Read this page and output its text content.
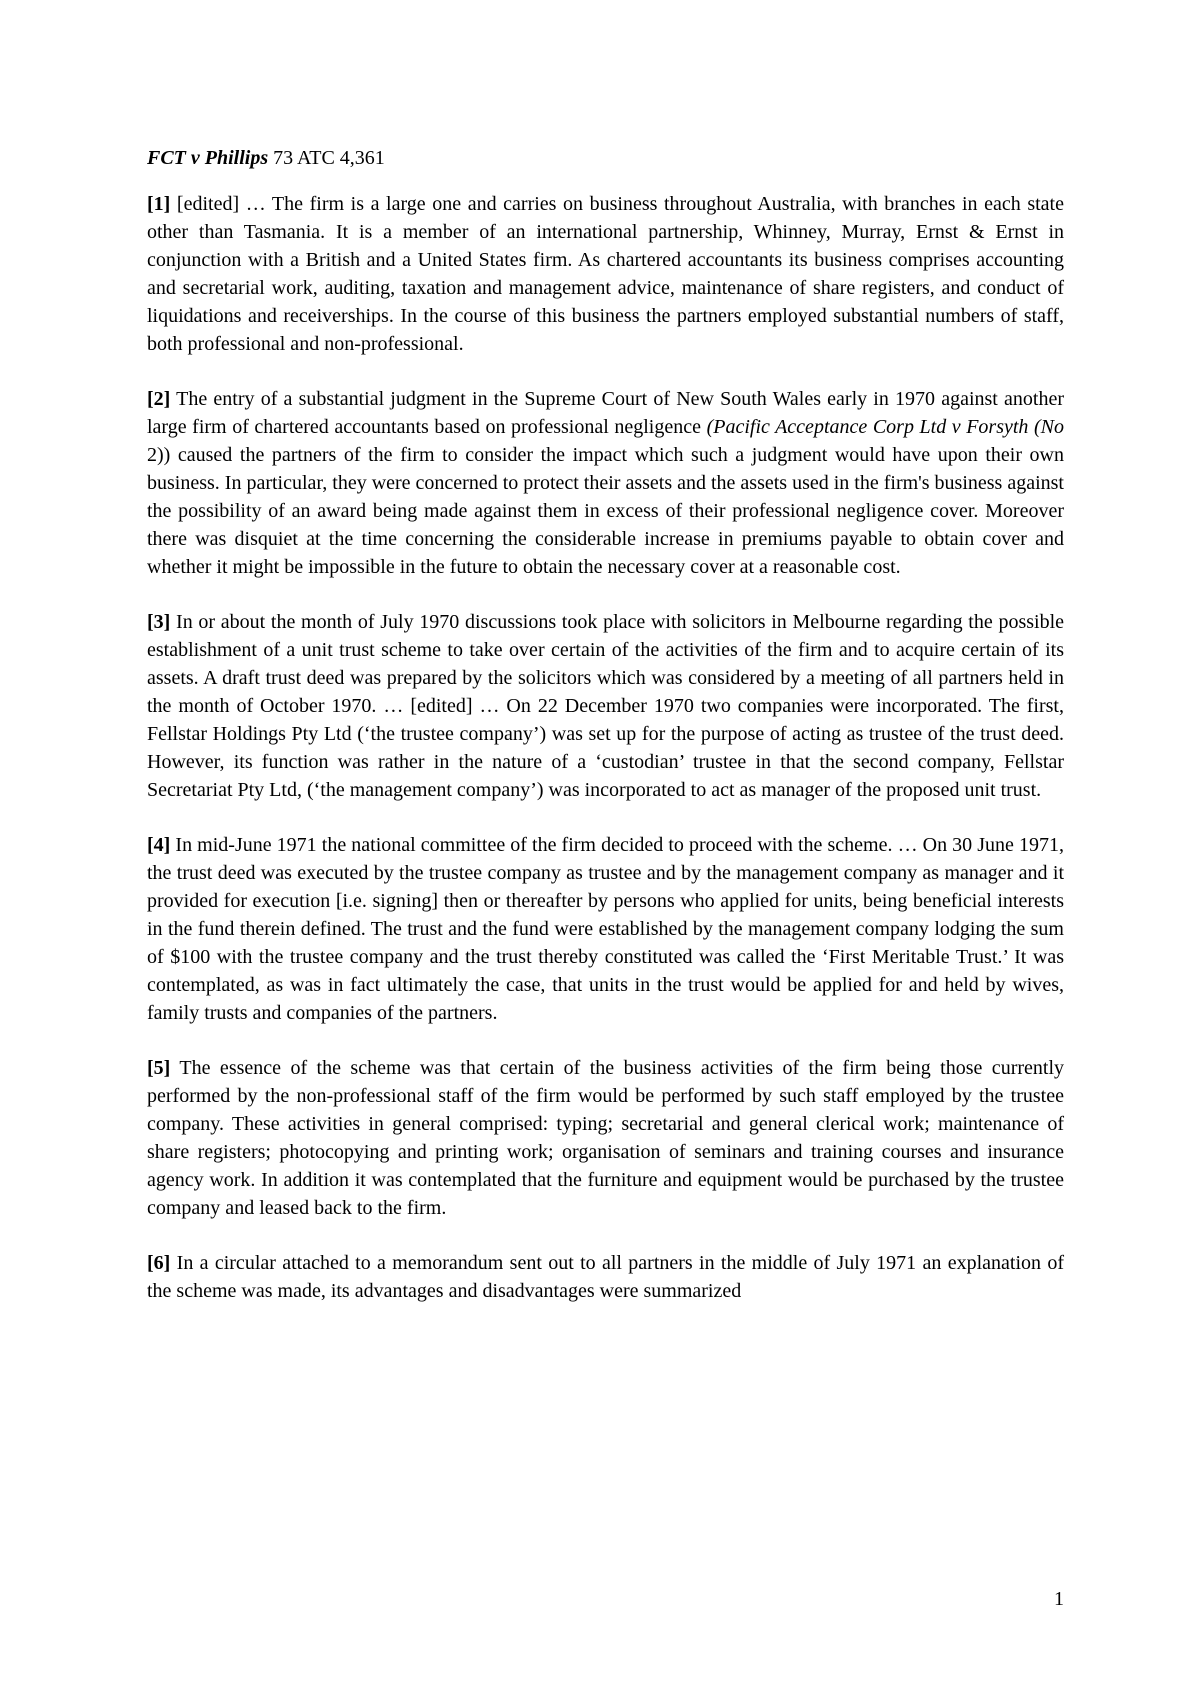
FCT v Phillips 73 ATC 4,361

[1] [edited] … The firm is a large one and carries on business throughout Australia, with branches in each state other than Tasmania. It is a member of an international partnership, Whinney, Murray, Ernst & Ernst in conjunction with a British and a United States firm. As chartered accountants its business comprises accounting and secretarial work, auditing, taxation and management advice, maintenance of share registers, and conduct of liquidations and receiverships. In the course of this business the partners employed substantial numbers of staff, both professional and non-professional.

[2] The entry of a substantial judgment in the Supreme Court of New South Wales early in 1970 against another large firm of chartered accountants based on professional negligence (Pacific Acceptance Corp Ltd v Forsyth (No 2)) caused the partners of the firm to consider the impact which such a judgment would have upon their own business. In particular, they were concerned to protect their assets and the assets used in the firm's business against the possibility of an award being made against them in excess of their professional negligence cover. Moreover there was disquiet at the time concerning the considerable increase in premiums payable to obtain cover and whether it might be impossible in the future to obtain the necessary cover at a reasonable cost.

[3] In or about the month of July 1970 discussions took place with solicitors in Melbourne regarding the possible establishment of a unit trust scheme to take over certain of the activities of the firm and to acquire certain of its assets. A draft trust deed was prepared by the solicitors which was considered by a meeting of all partners held in the month of October 1970. … [edited] … On 22 December 1970 two companies were incorporated. The first, Fellstar Holdings Pty Ltd (‘the trustee company’) was set up for the purpose of acting as trustee of the trust deed. However, its function was rather in the nature of a ‘custodian’ trustee in that the second company, Fellstar Secretariat Pty Ltd, (‘the management company’) was incorporated to act as manager of the proposed unit trust.

[4] In mid-June 1971 the national committee of the firm decided to proceed with the scheme. … On 30 June 1971, the trust deed was executed by the trustee company as trustee and by the management company as manager and it provided for execution [i.e. signing] then or thereafter by persons who applied for units, being beneficial interests in the fund therein defined. The trust and the fund were established by the management company lodging the sum of $100 with the trustee company and the trust thereby constituted was called the ‘First Meritable Trust.’ It was contemplated, as was in fact ultimately the case, that units in the trust would be applied for and held by wives, family trusts and companies of the partners.

[5] The essence of the scheme was that certain of the business activities of the firm being those currently performed by the non-professional staff of the firm would be performed by such staff employed by the trustee company. These activities in general comprised: typing; secretarial and general clerical work; maintenance of share registers; photocopying and printing work; organisation of seminars and training courses and insurance agency work. In addition it was contemplated that the furniture and equipment would be purchased by the trustee company and leased back to the firm.

[6] In a circular attached to a memorandum sent out to all partners in the middle of July 1971 an explanation of the scheme was made, its advantages and disadvantages were summarized

1
